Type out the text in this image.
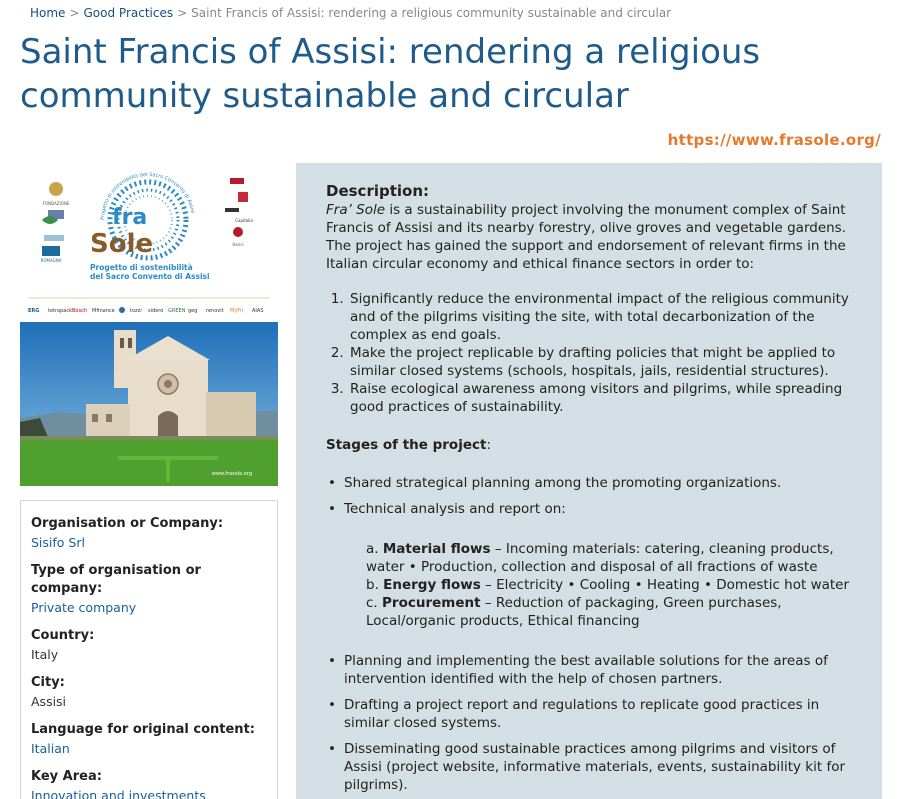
Home > Good Practices > Saint Francis of Assisi: rendering a religious community sustainable and circular
Saint Francis of Assisi: rendering a religious community sustainable and circular
https://www.frasole.org/
FONDAZIONE
ROMAGNA
Progetto di sostenibilità del Sacro Convento di Assisi
fra
Sole
Progetto di sostenibilità
del Sacro Convento di Assisi
Capitalia
Assisi
ERG tetrapack Bosch Mfinance	tozzi sidero GREEN geg renovit MyFri AIAS
www.frasole.org
Organisation or Company:
Sisifo Srl
Type of organisation or company:
Private company
Country:
Italy
City:
Assisi
Language for original content:
Italian
Key Area:
Innovation and investments
Description:

Fra’ Sole is a sustainability project involving the monument complex of Saint Francis of Assisi and its nearby forestry, olive groves and vegetable gardens. The project has gained the support and endorsement of relevant firms in the Italian circular economy and ethical finance sectors in order to:

1. Significantly reduce the environmental impact of the religious community and of the pilgrims visiting the site, with total decarbonization of the complex as end goals.
2. Make the project replicable by drafting policies that might be applied to similar closed systems (schools, hospitals, jails, residential structures).
3. Raise ecological awareness among visitors and pilgrims, while spreading good practices of sustainability.

Stages of the project:

• Shared strategical planning among the promoting organizations.
• Technical analysis and report on:
a. Material flows – Incoming materials: catering, cleaning products, water • Production, collection and disposal of all fractions of waste
b. Energy flows – Electricity • Cooling • Heating • Domestic hot water
c. Procurement – Reduction of packaging, Green purchases, Local/organic products, Ethical financing
• Planning and implementing the best available solutions for the areas of intervention identified with the help of chosen partners.
• Drafting a project report and regulations to replicate good practices in similar closed systems.
• Disseminating good sustainable practices among pilgrims and visitors of Assisi (project website, informative materials, events, sustainability kit for pilgrims).
